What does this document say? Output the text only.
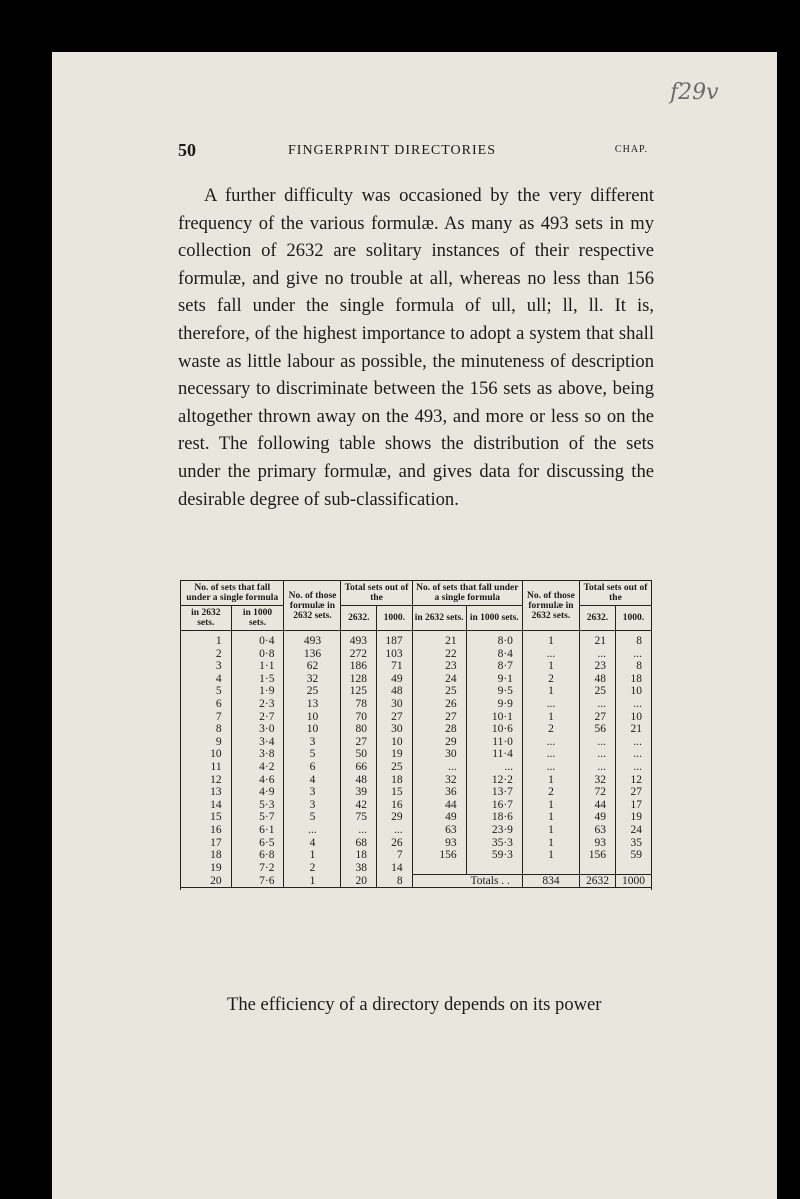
f29v
50	FINGERPRINT DIRECTORIES	CHAP.

A further difficulty was occasioned by the very different frequency of the various formulæ. As many as 493 sets in my collection of 2632 are solitary instances of their respective formulæ, and give no trouble at all, whereas no less than 156 sets fall under the single formula of ull, ull; ll, ll. It is, therefore, of the highest importance to adopt a system that shall waste as little labour as possible, the minuteness of description necessary to discriminate between the 156 sets as above, being altogether thrown away on the 493, and more or less so on the rest. The following table shows the distribution of the sets under the primary formulæ, and gives data for discussing the desirable degree of sub-classification.

No. of sets that fall under a single formula		No. of those formulæ in 2632 sets.	Total sets out of the		No. of sets that fall under a single formula		No. of those formulæ in 2632 sets.	Total sets out of the	
in 2632 sets.	in 1000 sets.		2632.	1000.	in 2632 sets.	in 1000 sets.		2632.	1000.
1	0·4	493	493	187	21	8·0	1	21	8
2	0·8	136	272	103	22	8·4	...	...	...
3	1·1	62	186	71	23	8·7	1	23	8
4	1·5	32	128	49	24	9·1	2	48	18
5	1·9	25	125	48	25	9·5	1	25	10
6	2·3	13	78	30	26	9·9	...	...	...
7	2·7	10	70	27	27	10·1	1	27	10
8	3·0	10	80	30	28	10·6	2	56	21
9	3·4	3	27	10	29	11·0	...	...	...
10	3·8	5	50	19	30	11·4	...	...	...
11	4·2	6	66	25	...	...	...	...	...
12	4·6	4	48	18	32	12·2	1	32	12
13	4·9	3	39	15	36	13·7	2	72	27
14	5·3	3	42	16	44	16·7	1	44	17
15	5·7	5	75	29	49	18·6	1	49	19
16	6·1	...	...	...	63	23·9	1	63	24
17	6·5	4	68	26	93	35·3	1	93	35
18	6·8	1	18	7	156	59·3	1	156	59
19	7·2	2	38	14					
20	7·6	1	20	8	Totals . .		834	2632	1000

The efficiency of a directory depends on its power
